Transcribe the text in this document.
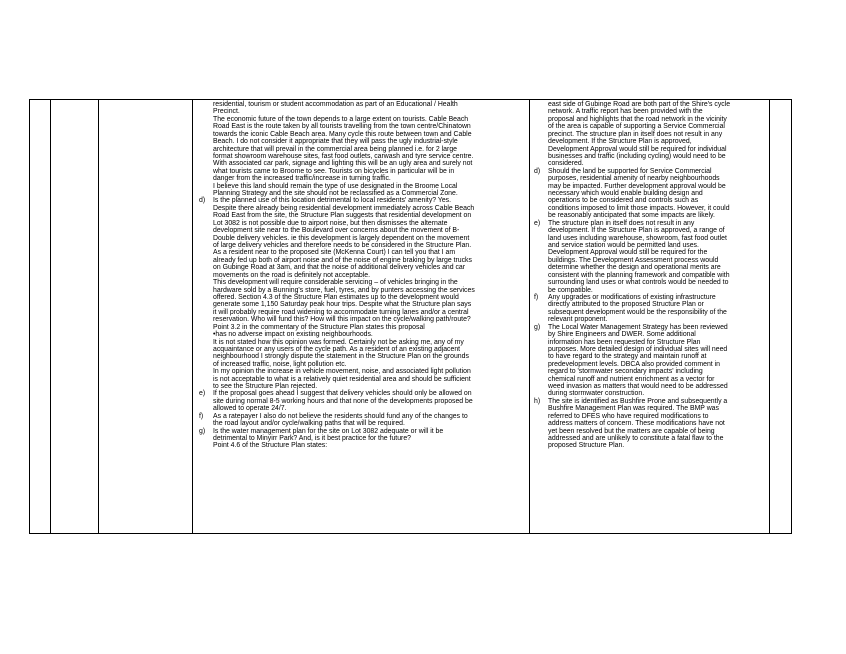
residential, tourism or student accommodation as part of an Educational / Health
Precinct.
The economic future of the town depends to a large extent on tourists. Cable Beach
Road East is the route taken by all tourists travelling from the town centre/Chinatown
towards the iconic Cable Beach area. Many cycle this route between town and Cable
Beach. I do not consider it appropriate that they will pass the ugly industrial-style
architecture that will prevail in the commercial area being planned i.e. for 2 large
format showroom warehouse sites, fast food outlets, carwash and tyre service centre.
With associated car park, signage and lighting this will be an ugly area and surely not
what tourists came to Broome to see. Tourists on bicycles in particular will be in
danger from the increased traffic/increase in turning traffic.
I believe this land should remain the type of use designated in the Broome Local
Planning Strategy and the site should not be reclassified as a Commercial Zone.
d)	Is the planned use of this location detrimental to local residents' amenity? Yes.
Despite there already being residential development immediately across Cable Beach
Road East from the site, the Structure Plan suggests that residential development on
Lot 3082 is not possible due to airport noise, but then dismisses the alternate
development site near to the Boulevard over concerns about the movement of B-
Double delivery vehicles. ie this development is largely dependent on the movement
of large delivery vehicles and therefore needs to be considered in the Structure Plan.
As a resident near to the proposed site (McKenna Court) I can tell you that I am
already fed up both of airport noise and of the noise of engine braking by large trucks
on Gubinge Road at 3am, and that the noise of additional delivery vehicles and car
movements on the road is definitely not acceptable.
This development will require considerable servicing – of vehicles bringing in the
hardware sold by a Bunning's store, fuel, tyres, and by punters accessing the services
offered. Section 4.3 of the Structure Plan estimates up to the development would
generate some 1,150 Saturday peak hour trips. Despite what the Structure plan says
it will probably require road widening to accommodate turning lanes and/or a central
reservation. Who will fund this? How will this impact on the cycle/walking path/route?
Point 3.2 in the commentary of the Structure Plan states this proposal
•has no adverse impact on existing neighbourhoods.
It is not stated how this opinion was formed. Certainly not be asking me, any of my
acquaintance or any users of the cycle path. As a resident of an existing adjacent
neighbourhood I strongly dispute the statement in the Structure Plan on the grounds
of increased traffic, noise, light pollution etc.
In my opinion the increase in vehicle movement, noise, and associated light pollution
is not acceptable to what is a relatively quiet residential area and should be sufficient
to see the Structure Plan rejected.
e)	If the proposal goes ahead I suggest that delivery vehicles should only be allowed on
site during normal 8-5 working hours and that none of the developments proposed be
allowed to operate 24/7.
f)	As a ratepayer I also do not believe the residents should fund any of the changes to
the road layout and/or cycle/walking paths that will be required.
g)	Is the water management plan for the site on Lot 3082 adequate or will it be
detrimental to Minyirr Park? And, is it best practice for the future?
Point 4.6 of the Structure Plan states:

east side of Gubinge Road are both part of the Shire's cycle
network. A traffic report has been provided with the
proposal and highlights that the road network in the vicinity
of the area is capable of supporting a Service Commercial
precinct. The structure plan in itself does not result in any
development. If the Structure Plan is approved,
Development Approval would still be required for individual
businesses and traffic (including cycling) would need to be
considered.
d)	Should the land be supported for Service Commercial
purposes, residential amenity of nearby neighbourhoods
may be impacted. Further development approval would be
necessary which would enable building design and
operations to be considered and controls such as
conditions imposed to limit those impacts. However, it could
be reasonably anticipated that some impacts are likely.
e)	The structure plan in itself does not result in any
development. If the Structure Plan is approved, a range of
land uses including warehouse, showroom, fast food outlet
and service station would be permitted land uses.
Development Approval would still be required for the
buildings. The Development Assessment process would
determine whether the design and operational merits are
consistent with the planning framework and compatible with
surrounding land uses or what controls would be needed to
be compatible.
f)	Any upgrades or modifications of existing infrastructure
directly attributed to the proposed Structure Plan or
subsequent development would be the responsibility of the
relevant proponent.
g)	The Local Water Management Strategy has been reviewed
by Shire Engineers and DWER. Some additional
information has been requested for Structure Plan
purposes. More detailed design of individual sites will need
to have regard to the strategy and maintain runoff at
predevelopment levels. DBCA also provided comment in
regard to 'stormwater secondary impacts' including
chemical runoff and nutrient enrichment as a vector for
weed invasion as matters that would need to be addressed
during stormwater construction.
h)	The site is identified as Bushfire Prone and subsequently a
Bushfire Management Plan was required. The BMP was
referred to DFES who have required modifications to
address matters of concern. These modifications have not
yet been resolved but the matters are capable of being
addressed and are unlikely to constitute a fatal flaw to the
proposed Structure Plan.
